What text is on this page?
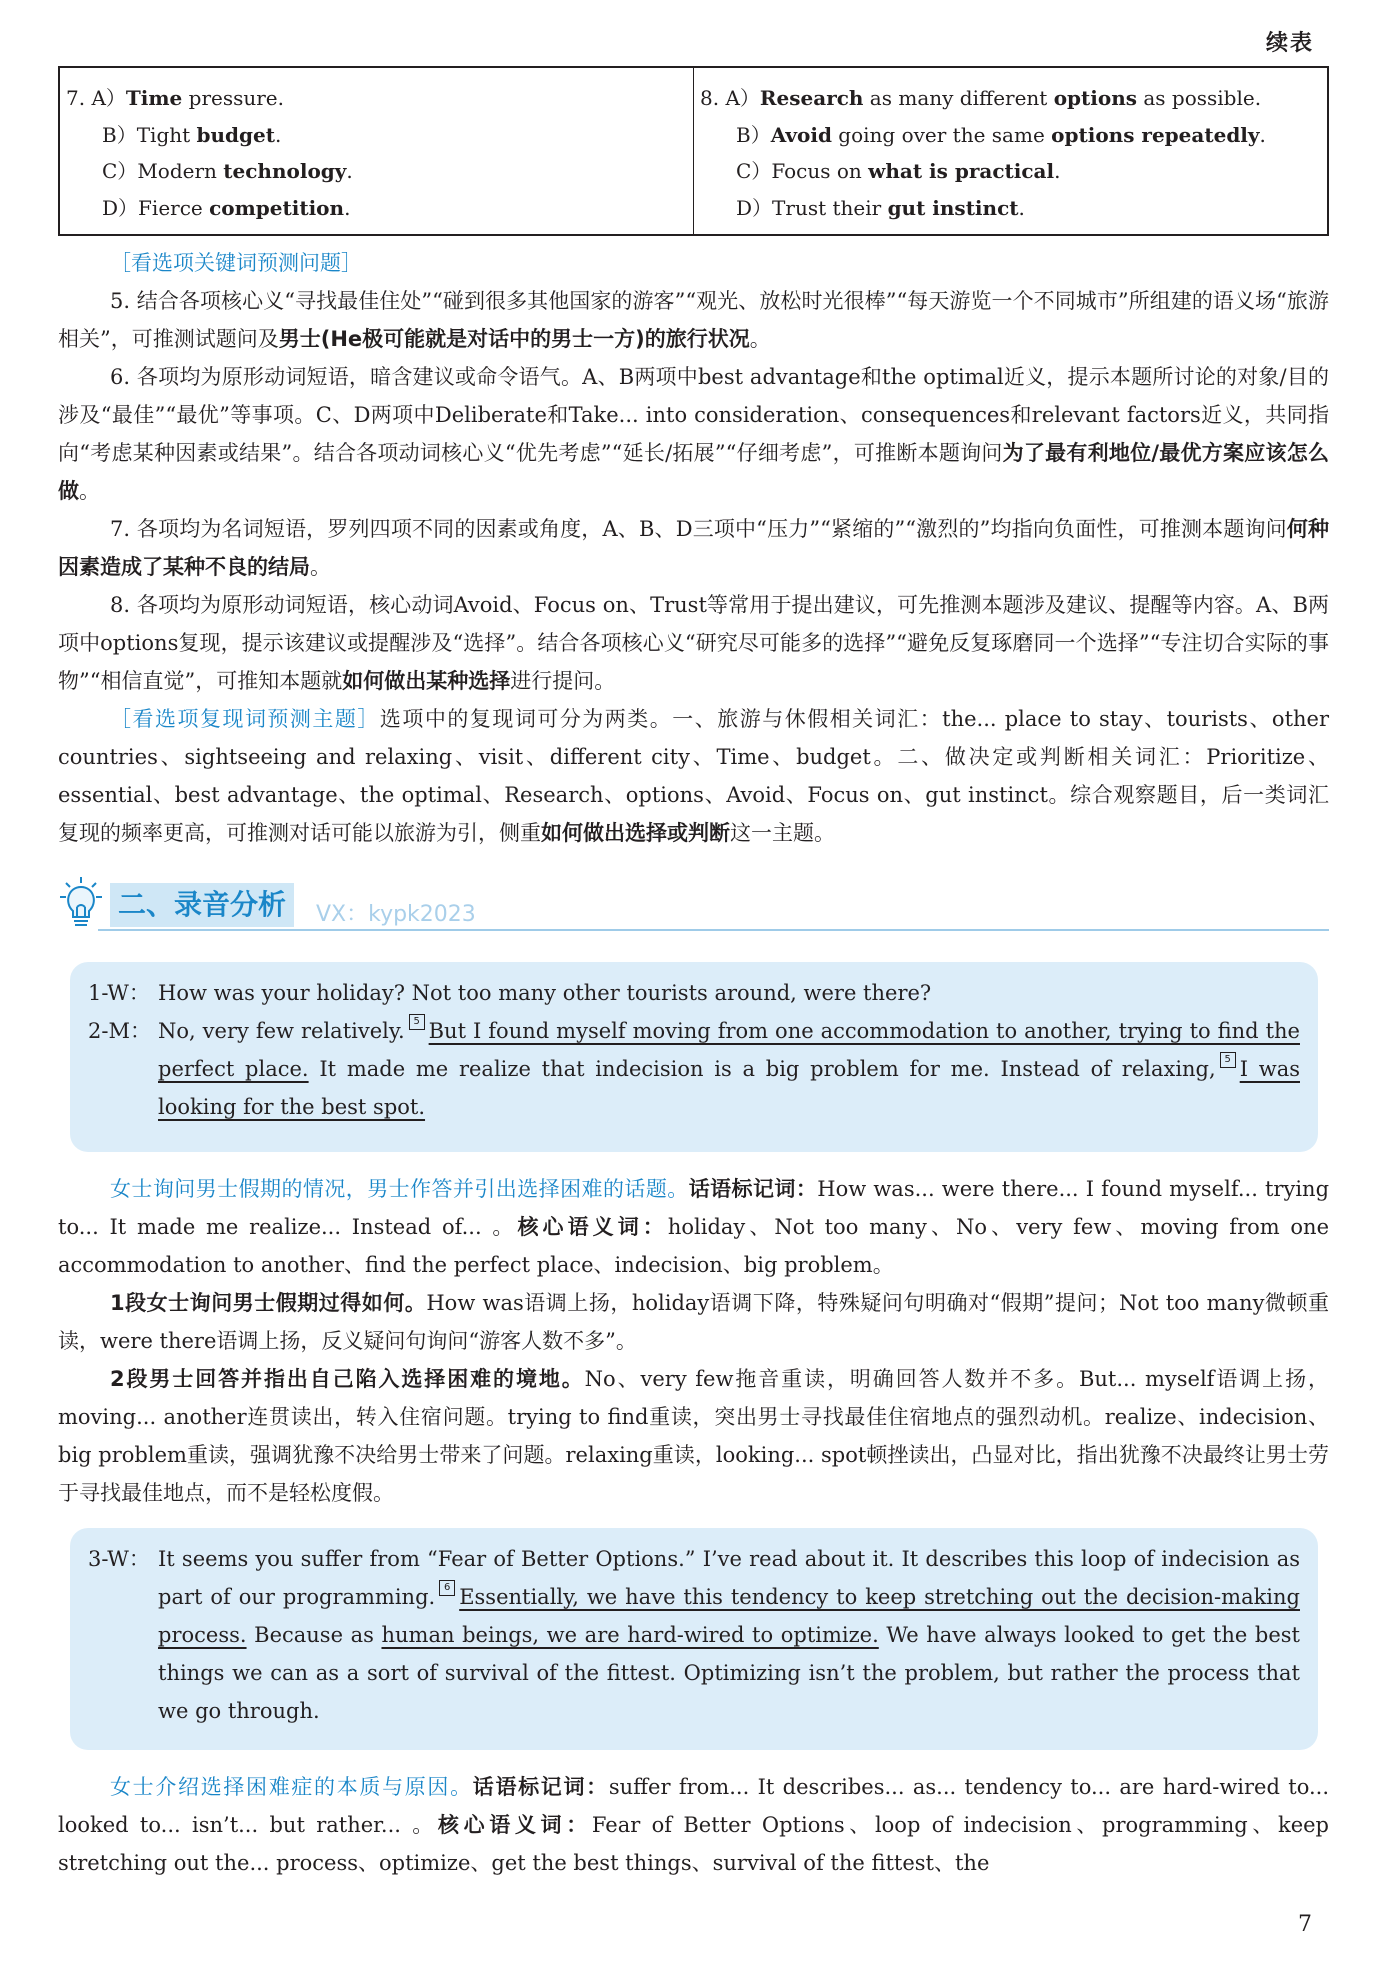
续表
7. A）Time pressure.
B）Tight budget.
C）Modern technology.
D）Fierce competition.
8. A）Research as many different options as possible.
B）Avoid going over the same options repeatedly.
C）Focus on what is practical.
D）Trust their gut instinct.
［看选项关键词预测问题］
5. 结合各项核心义“寻找最佳住处”“碰到很多其他国家的游客”“观光、放松时光很棒”“每天游览一个不同城市”所组建的语义场“旅游相关”，可推测试题问及男士(He极可能就是对话中的男士一方)的旅行状况。
6. 各项均为原形动词短语，暗含建议或命令语气。A、B两项中best advantage和the optimal近义，提示本题所讨论的对象/目的涉及“最佳”“最优”等事项。C、D两项中Deliberate和Take... into consideration、consequences和relevant factors近义，共同指向“考虑某种因素或结果”。结合各项动词核心义“优先考虑”“延长/拓展”“仔细考虑”，可推断本题询问为了最有利地位/最优方案应该怎么做。
7. 各项均为名词短语，罗列四项不同的因素或角度，A、B、D三项中“压力”“紧缩的”“激烈的”均指向负面性，可推测本题询问何种因素造成了某种不良的结局。
8. 各项均为原形动词短语，核心动词Avoid、Focus on、Trust等常用于提出建议，可先推测本题涉及建议、提醒等内容。A、B两项中options复现，提示该建议或提醒涉及“选择”。结合各项核心义“研究尽可能多的选择”“避免反复琢磨同一个选择”“专注切合实际的事物”“相信直觉”，可推知本题就如何做出某种选择进行提问。
［看选项复现词预测主题］选项中的复现词可分为两类。一、旅游与休假相关词汇：the... place to stay、tourists、other countries、sightseeing and relaxing、visit、different city、Time、budget。二、做决定或判断相关词汇：Prioritize、essential、best advantage、the optimal、Research、options、Avoid、Focus on、gut instinct。综合观察题目，后一类词汇复现的频率更高，可推测对话可能以旅游为引，侧重如何做出选择或判断这一主题。
二、录音分析	VX：kypk2023
1-W： How was your holiday? Not too many other tourists around, were there?
2-M： No, very few relatively. 5 But I found myself moving from one accommodation to another, trying to find the perfect place. It made me realize that indecision is a big problem for me. Instead of relaxing, 5 I was looking for the best spot.
女士询问男士假期的情况，男士作答并引出选择困难的话题。话语标记词：How was... were there... I found myself... trying to... It made me realize... Instead of... 。核心语义词：holiday、Not too many、No、very few、moving from one accommodation to another、find the perfect place、indecision、big problem。
1段女士询问男士假期过得如何。How was语调上扬，holiday语调下降，特殊疑问句明确对“假期”提问；Not too many微顿重读，were there语调上扬，反义疑问句询问“游客人数不多”。
2段男士回答并指出自己陷入选择困难的境地。No、very few拖音重读，明确回答人数并不多。But... myself语调上扬，moving... another连贯读出，转入住宿问题。trying to find重读，突出男士寻找最佳住宿地点的强烈动机。realize、indecision、big problem重读，强调犹豫不决给男士带来了问题。relaxing重读，looking... spot顿挫读出，凸显对比，指出犹豫不决最终让男士劳于寻找最佳地点，而不是轻松度假。
3-W： It seems you suffer from “Fear of Better Options.” I’ve read about it. It describes this loop of indecision as part of our programming. 6 Essentially, we have this tendency to keep stretching out the decision-making process. Because as human beings, we are hard-wired to optimize. We have always looked to get the best things we can as a sort of survival of the fittest. Optimizing isn’t the problem, but rather the process that we go through.
女士介绍选择困难症的本质与原因。话语标记词：suffer from... It describes... as... tendency to... are hard-wired to... looked to... isn’t... but rather... 。核心语义词：Fear of Better Options、loop of indecision、programming、keep stretching out the... process、optimize、get the best things、survival of the fittest、the
7
